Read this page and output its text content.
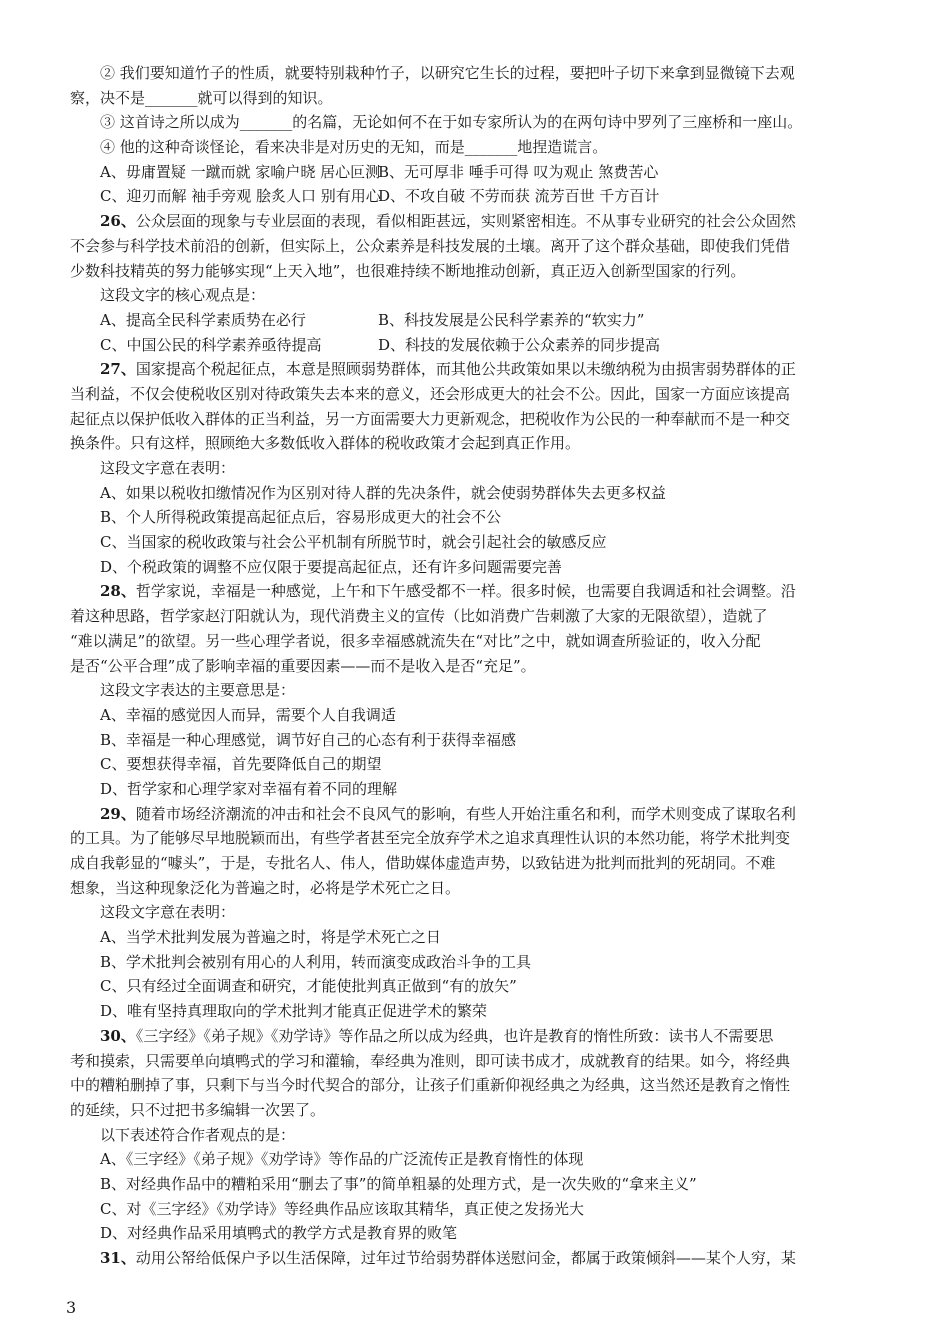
② 我们要知道竹子的性质，就要特别栽种竹子，以研究它生长的过程，要把叶子切下来拿到显微镜下去观
察，决不是_______就可以得到的知识。
③ 这首诗之所以成为_______的名篇，无论如何不在于如专家所认为的在两句诗中罗列了三座桥和一座山。
④ 他的这种奇谈怪论，看来决非是对历史的无知，而是_______地捏造谎言。
A、毋庸置疑 一蹴而就 家喻户晓 居心叵测
B、无可厚非 唾手可得 叹为观止 煞费苦心
C、迎刃而解 袖手旁观 脍炙人口 别有用心
D、不攻自破 不劳而获 流芳百世 千方百计
26、公众层面的现象与专业层面的表现，看似相距甚远，实则紧密相连。不从事专业研究的社会公众固然
不会参与科学技术前沿的创新，但实际上，公众素养是科技发展的土壤。离开了这个群众基础，即使我们凭借
少数科技精英的努力能够实现“上天入地”，也很难持续不断地推动创新，真正迈入创新型国家的行列。
这段文字的核心观点是：
A、提高全民科学素质势在必行	B、科技发展是公民科学素养的“软实力”
C、中国公民的科学素养亟待提高	D、科技的发展依赖于公众素养的同步提高
27、国家提高个税起征点，本意是照顾弱势群体，而其他公共政策如果以未缴纳税为由损害弱势群体的正
当利益，不仅会使税收区别对待政策失去本来的意义，还会形成更大的社会不公。因此，国家一方面应该提高
起征点以保护低收入群体的正当利益，另一方面需要大力更新观念，把税收作为公民的一种奉献而不是一种交
换条件。只有这样，照顾绝大多数低收入群体的税收政策才会起到真正作用。
这段文字意在表明：
A、如果以税收扣缴情况作为区别对待人群的先决条件，就会使弱势群体失去更多权益
B、个人所得税政策提高起征点后，容易形成更大的社会不公
C、当国家的税收政策与社会公平机制有所脱节时，就会引起社会的敏感反应
D、个税政策的调整不应仅限于要提高起征点，还有许多问题需要完善
28、哲学家说，幸福是一种感觉，上午和下午感受都不一样。很多时候，也需要自我调适和社会调整。沿
着这种思路，哲学家赵汀阳就认为，现代消费主义的宣传（比如消费广告刺激了大家的无限欲望），造就了
“难以满足”的欲望。另一些心理学者说，很多幸福感就流失在“对比”之中，就如调查所验证的，收入分配
是否“公平合理”成了影响幸福的重要因素——而不是收入是否“充足”。
这段文字表达的主要意思是：
A、幸福的感觉因人而异，需要个人自我调适
B、幸福是一种心理感觉，调节好自己的心态有利于获得幸福感
C、要想获得幸福，首先要降低自己的期望
D、哲学家和心理学家对幸福有着不同的理解
29、随着市场经济潮流的冲击和社会不良风气的影响，有些人开始注重名和利，而学术则变成了谋取名利
的工具。为了能够尽早地脱颖而出，有些学者甚至完全放弃学术之追求真理性认识的本然功能，将学术批判变
成自我彰显的“噱头”，于是，专批名人、伟人，借助媒体虚造声势，以致钻进为批判而批判的死胡同。不难
想象，当这种现象泛化为普遍之时，必将是学术死亡之日。
这段文字意在表明：
A、当学术批判发展为普遍之时，将是学术死亡之日
B、学术批判会被别有用心的人利用，转而演变成政治斗争的工具
C、只有经过全面调查和研究，才能使批判真正做到“有的放矢”
D、唯有坚持真理取向的学术批判才能真正促进学术的繁荣
30、《三字经》《弟子规》《劝学诗》等作品之所以成为经典，也许是教育的惰性所致：读书人不需要思
考和摸索，只需要单向填鸭式的学习和灌输，奉经典为准则，即可读书成才，成就教育的结果。如今，将经典
中的糟粕删掉了事，只剩下与当今时代契合的部分，让孩子们重新仰视经典之为经典，这当然还是教育之惰性
的延续，只不过把书多编辑一次罢了。
以下表述符合作者观点的是：
A、《三字经》《弟子规》《劝学诗》等作品的广泛流传正是教育惰性的体现
B、对经典作品中的糟粕采用“删去了事”的简单粗暴的处理方式，是一次失败的“拿来主义”
C、对《三字经》《劝学诗》等经典作品应该取其精华，真正使之发扬光大
D、对经典作品采用填鸭式的教学方式是教育界的败笔
31、动用公帑给低保户予以生活保障，过年过节给弱势群体送慰问金，都属于政策倾斜——某个人穷，某
3
